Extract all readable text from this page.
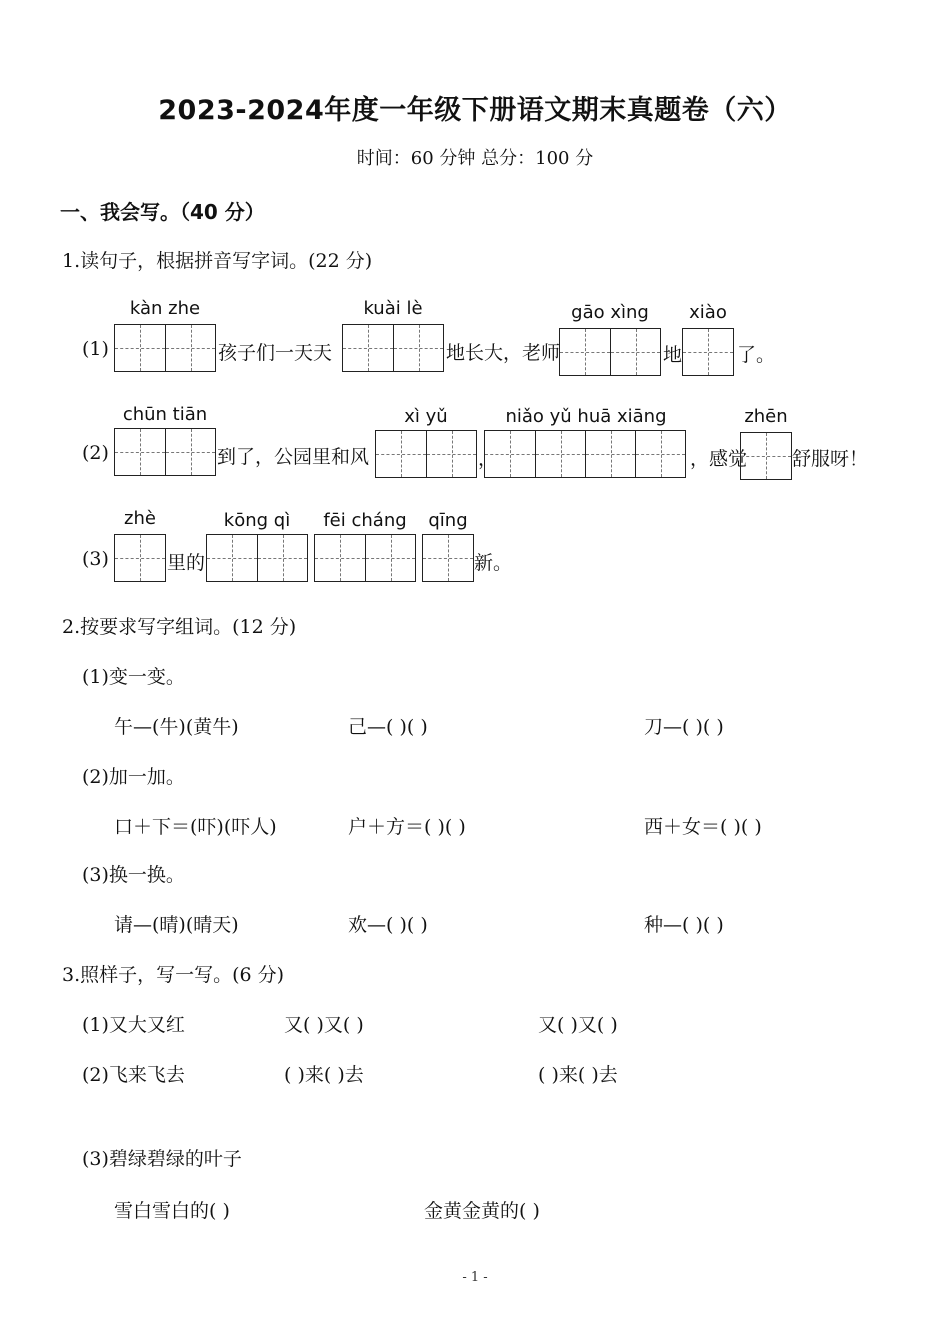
2023-2024年度一年级下册语文期末真题卷（六）
时间：60 分钟 总分：100 分
一、我会写。（40 分）
1.读句子，根据拼音写字词。(22 分)
(1)
kàn zhe
孩子们一天天
kuài lè
地长大，老师
gāo xìng
地
xiào
了。
(2)
chūn tiān
到了，公园里和风
xì yǔ
，
niǎo yǔ huā xiāng
，感觉
zhēn
舒服呀！
(3)
zhè
里的
kōng qì	fēi cháng	qīng
新。
2.按要求写字组词。(12 分)
(1)变一变。
午—(牛)(黄牛)	己—( )( )	刀—( )( )
(2)加一加。
口＋下＝(吓)(吓人)	户＋方＝( )( )	西＋女＝( )( )
(3)换一换。
请—(晴)(晴天)	欢—( )( )	种—( )( )
3.照样子，写一写。(6 分)
(1)又大又红	又( )又( )	又( )又( )
(2)飞来飞去	( )来( )去	( )来( )去
(3)碧绿碧绿的叶子
雪白雪白的( )	金黄金黄的( )
- 1 -
